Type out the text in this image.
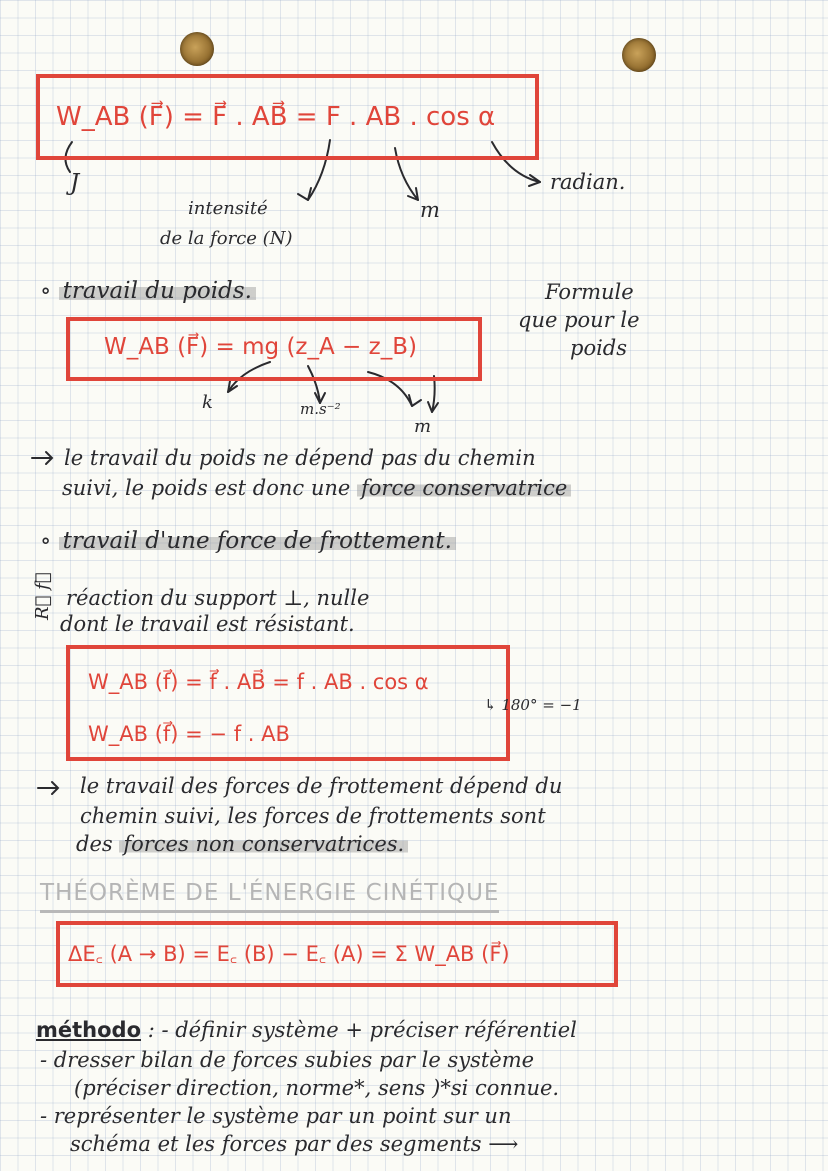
W_AB (F⃗) = F⃗ . AB⃗ = F . AB . cos α
J
intensité
de la force (N)
m
radian.
∘ travail du poids.	Formule
que pour le
poids
W_AB (F⃗) = mg (z_A − z_B)
k	m.s⁻²
m
le travail du poids ne dépend pas du chemin
suivi, le poids est donc une force conservatrice
∘ travail d'une force de frottement.
R⃗ f⃗ réaction du support ⊥, nulle
dont le travail est résistant.
W_AB (f⃗) = f⃗ . AB⃗ = f . AB . cos α
W_AB (f⃗) = − f . AB
↳ 180° = −1
le travail des forces de frottement dépend du
chemin suivi, les forces de frottements sont
des forces non conservatrices.
THÉORÈME DE L'ÉNERGIE CINÉTIQUE
ΔE꜀ (A → B) = E꜀ (B) − E꜀ (A) = Σ W_AB (F⃗)
méthodo : - définir système + préciser référentiel
- dresser bilan de forces subies par le système
(préciser direction, norme*, sens )*si connue.
- représenter le système par un point sur un
schéma et les forces par des segments ⟶
